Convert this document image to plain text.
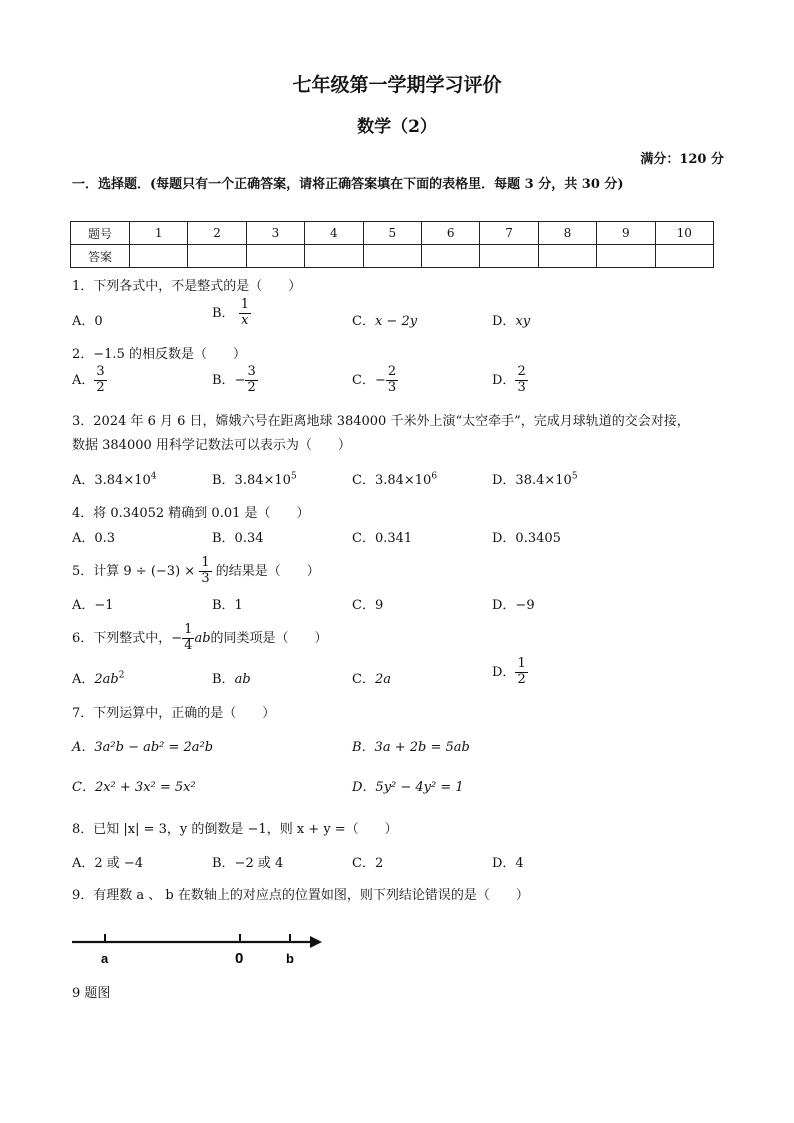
七年级第一学期学习评价
数学（2）
满分：120 分
一．选择题．(每题只有一个正确答案，请将正确答案填在下面的表格里．每题 3 分，共 30 分)
题号	1	2	3	4	5	6	7	8	9	10
答案										
1．下列各式中，不是整式的是（　　）
A．0
B． $\frac{1}{x}$	C．x − 2y	D．xy
2．−1.5 的相反数是（　　）
A． $\frac{3}{2}$	B．− $\frac{3}{2}$	C．− $\frac{2}{3}$	D． $\frac{2}{3}$
3．2024 年 6 月 6 日，嫦娥六号在距离地球 384000 千米外上演“太空牵手”，完成月球轨道的交会对接，
数据 384000 用科学记数法可以表示为（　　）
A．$3.84\times 10^4$	B．$3.84\times 10^5$	C．$3.84\times 10^6$	D．$38.4\times 10^5$
4．将 0.34052 精确到 0.01 是（　　）
A．0.3	B．0.34	C．0.341	D．0.3405
5．计算 $9 \div (-3) \times \frac{1}{3}$ 的结果是（　　）
A．−1	B．1	C．9	D．−9
6．下列整式中，− $\frac{1}{4}$ ab的同类项是（　　）
A．$2ab^2$	B．ab	C．2a	D． $\frac{1}{2}$
7．下列运算中，正确的是（　　）
A．3a²b − ab² = 2a²b	B．3a + 2b = 5ab
C．2x² + 3x² = 5x²	D．5y² − 4y² = 1
8．已知 |x| = 3，y 的倒数是 −1，则 x + y =（　　）
A．2 或 −4	B．−2 或 4	C．2	D．4
9．有理数 a 、 b 在数轴上的对应点的位置如图，则下列结论错误的是（　　）
a	0	b
9 题图
